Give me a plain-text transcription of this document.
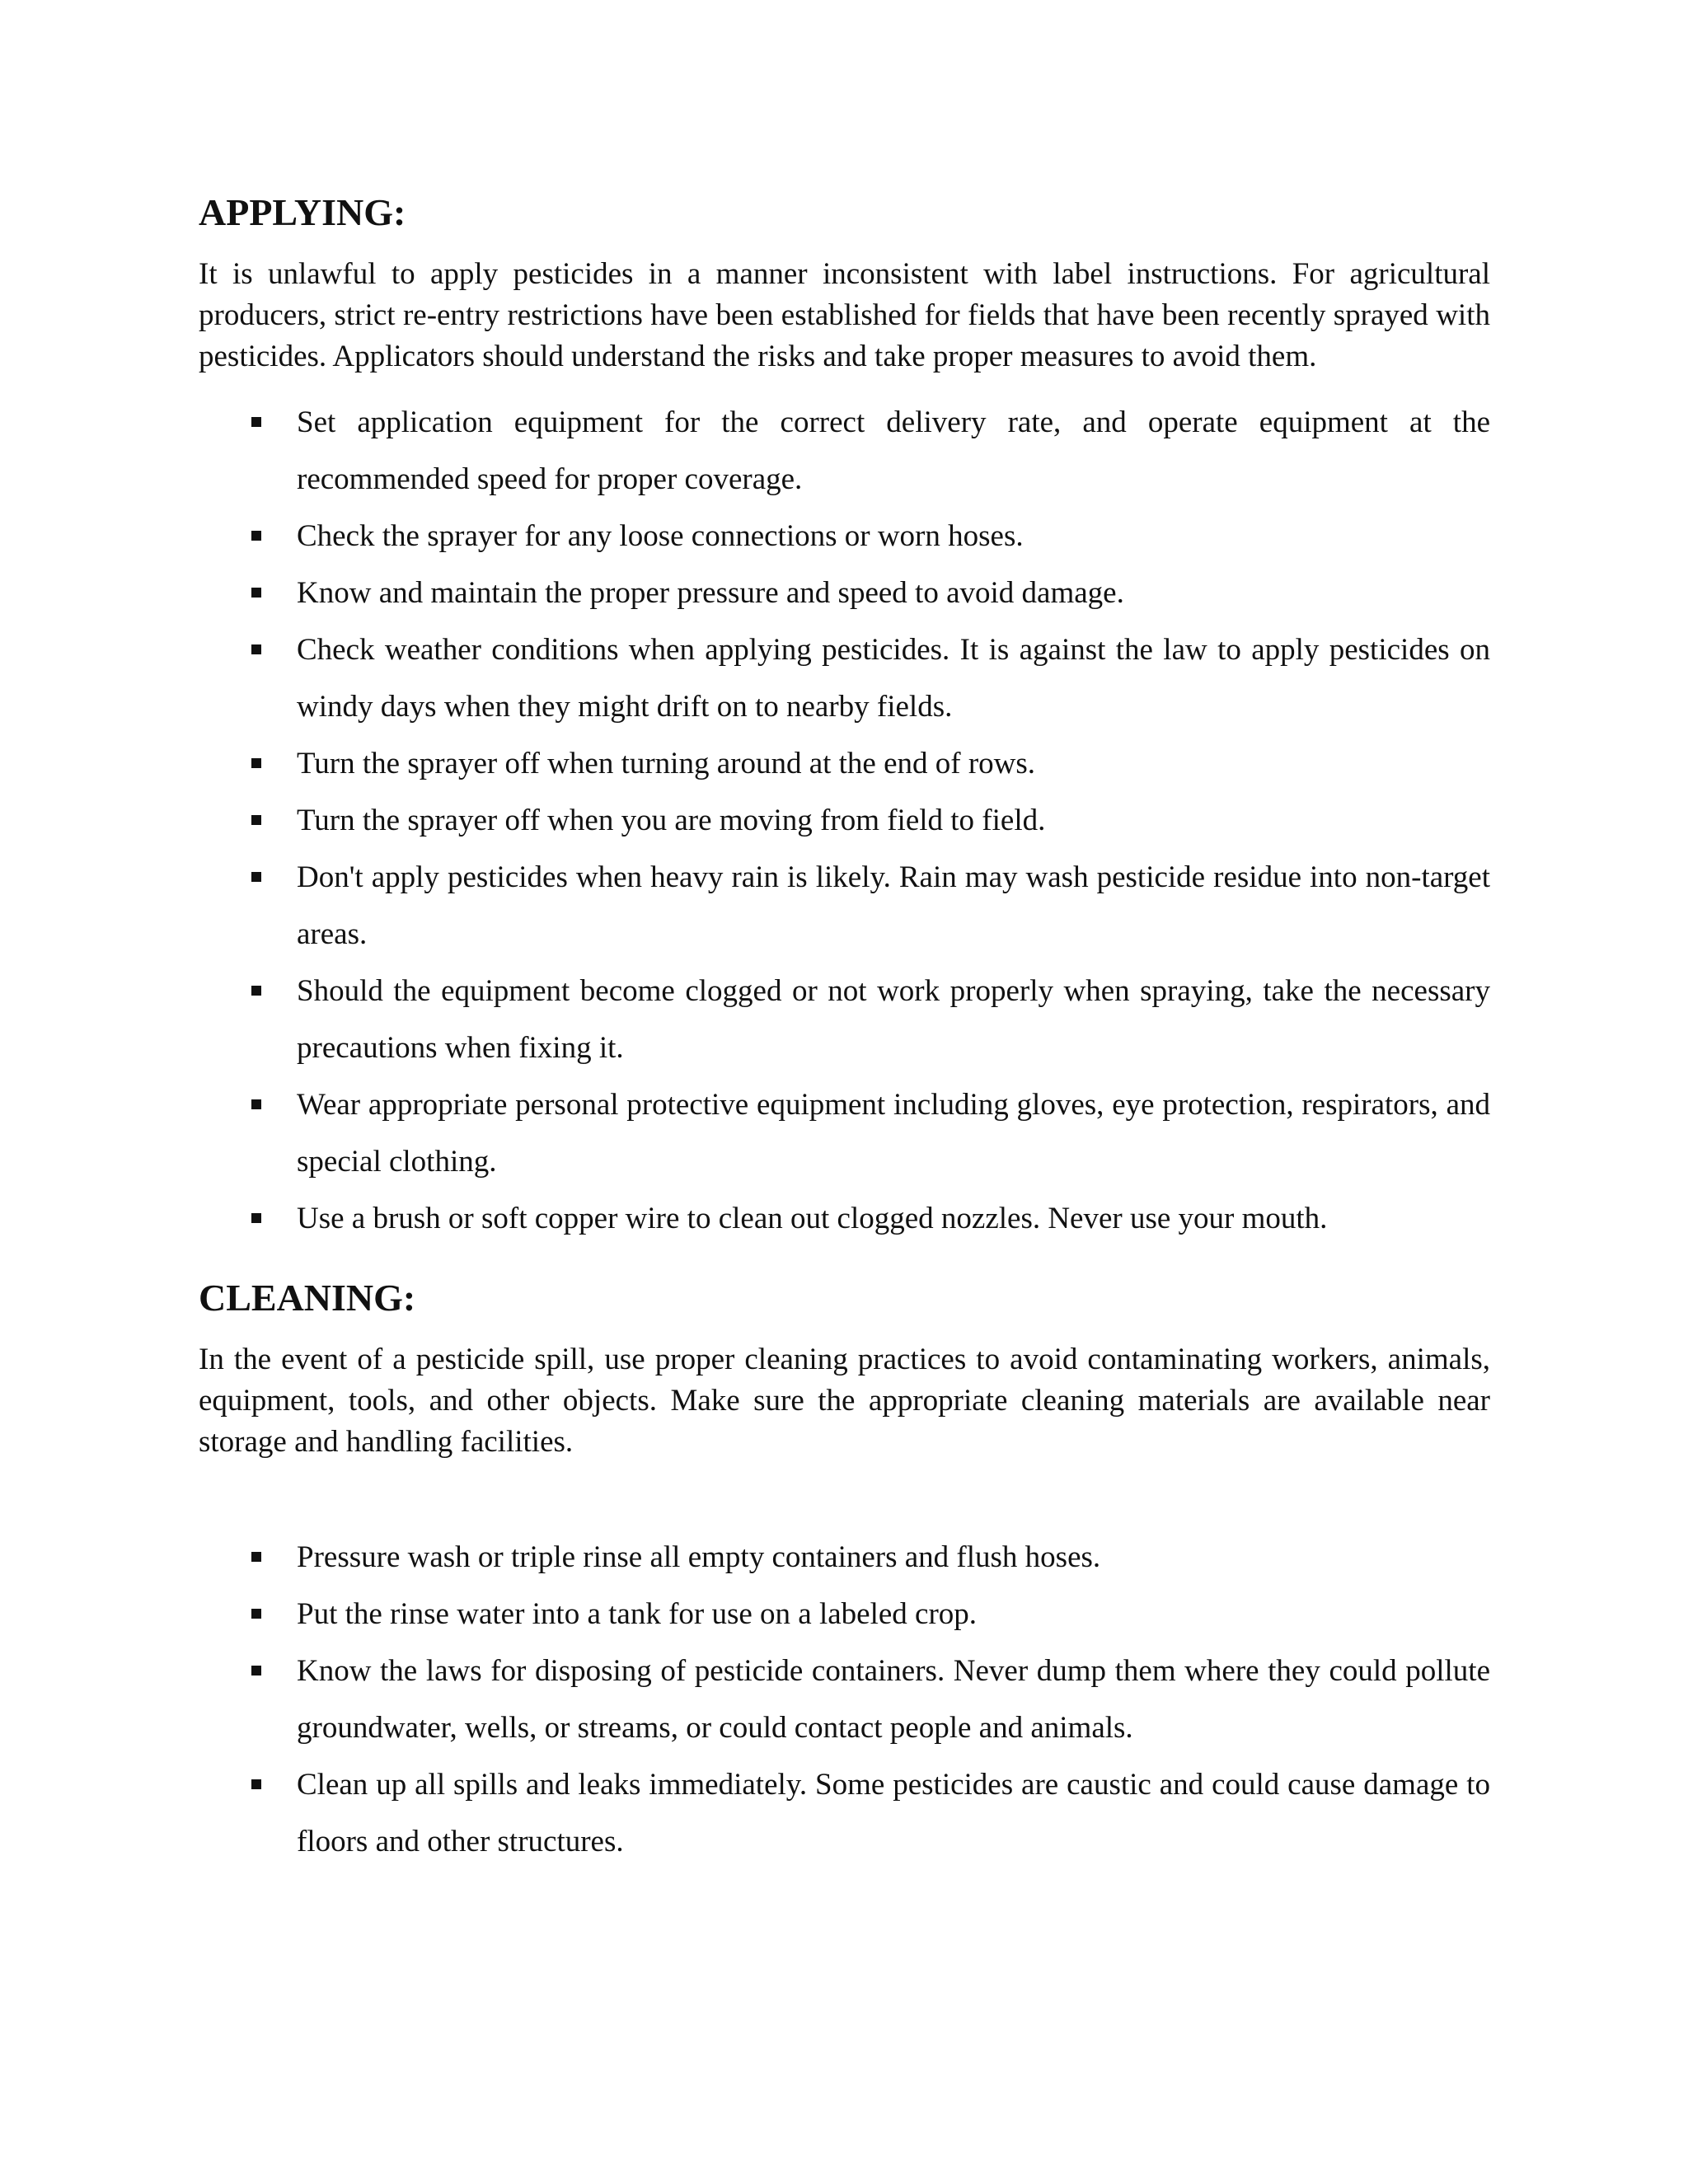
APPLYING:

It is unlawful to apply pesticides in a manner inconsistent with label instructions. For agricultural producers, strict re-entry restrictions have been established for fields that have been recently sprayed with pesticides. Applicators should understand the risks and take proper measures to avoid them.

Set application equipment for the correct delivery rate, and operate equipment at the recommended speed for proper coverage.
Check the sprayer for any loose connections or worn hoses.
Know and maintain the proper pressure and speed to avoid damage.
Check weather conditions when applying pesticides. It is against the law to apply pesticides on windy days when they might drift on to nearby fields.
Turn the sprayer off when turning around at the end of rows.
Turn the sprayer off when you are moving from field to field.
Don't apply pesticides when heavy rain is likely. Rain may wash pesticide residue into non-target areas.
Should the equipment become clogged or not work properly when spraying, take the necessary precautions when fixing it.
Wear appropriate personal protective equipment including gloves, eye protection, respirators, and special clothing.
Use a brush or soft copper wire to clean out clogged nozzles. Never use your mouth.
CLEANING:

In the event of a pesticide spill, use proper cleaning practices to avoid contaminating workers, animals, equipment, tools, and other objects. Make sure the appropriate cleaning materials are available near storage and handling facilities.

Pressure wash or triple rinse all empty containers and flush hoses.
Put the rinse water into a tank for use on a labeled crop.
Know the laws for disposing of pesticide containers. Never dump them where they could pollute groundwater, wells, or streams, or could contact people and animals.
Clean up all spills and leaks immediately. Some pesticides are caustic and could cause damage to floors and other structures.
